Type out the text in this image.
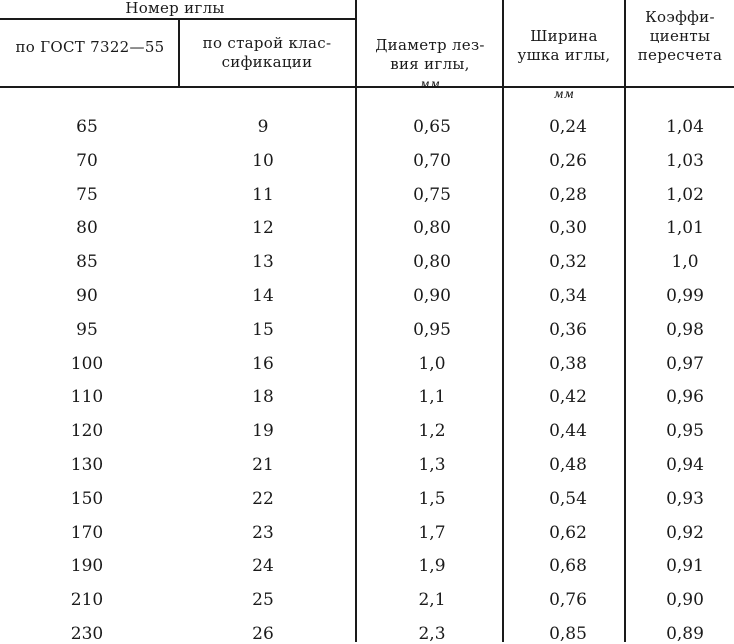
Номер иглы
по ГОСТ 7322—55	по старой клас-
сификации

Диаметр лез-
вия иглы,
мм

Ширина
ушка иглы,

мм

Коэффи-
циенты
пересчета
65	9	0,65	0,24	1,04
70	10	0,70	0,26	1,03
75	11	0,75	0,28	1,02
80	12	0,80	0,30	1,01
85	13	0,80	0,32	1,0
90	14	0,90	0,34	0,99
95	15	0,95	0,36	0,98
100	16	1,0	0,38	0,97
110	18	1,1	0,42	0,96
120	19	1,2	0,44	0,95
130	21	1,3	0,48	0,94
150	22	1,5	0,54	0,93
170	23	1,7	0,62	0,92
190	24	1,9	0,68	0,91
210	25	2,1	0,76	0,90
230	26	2,3	0,85	0,89
